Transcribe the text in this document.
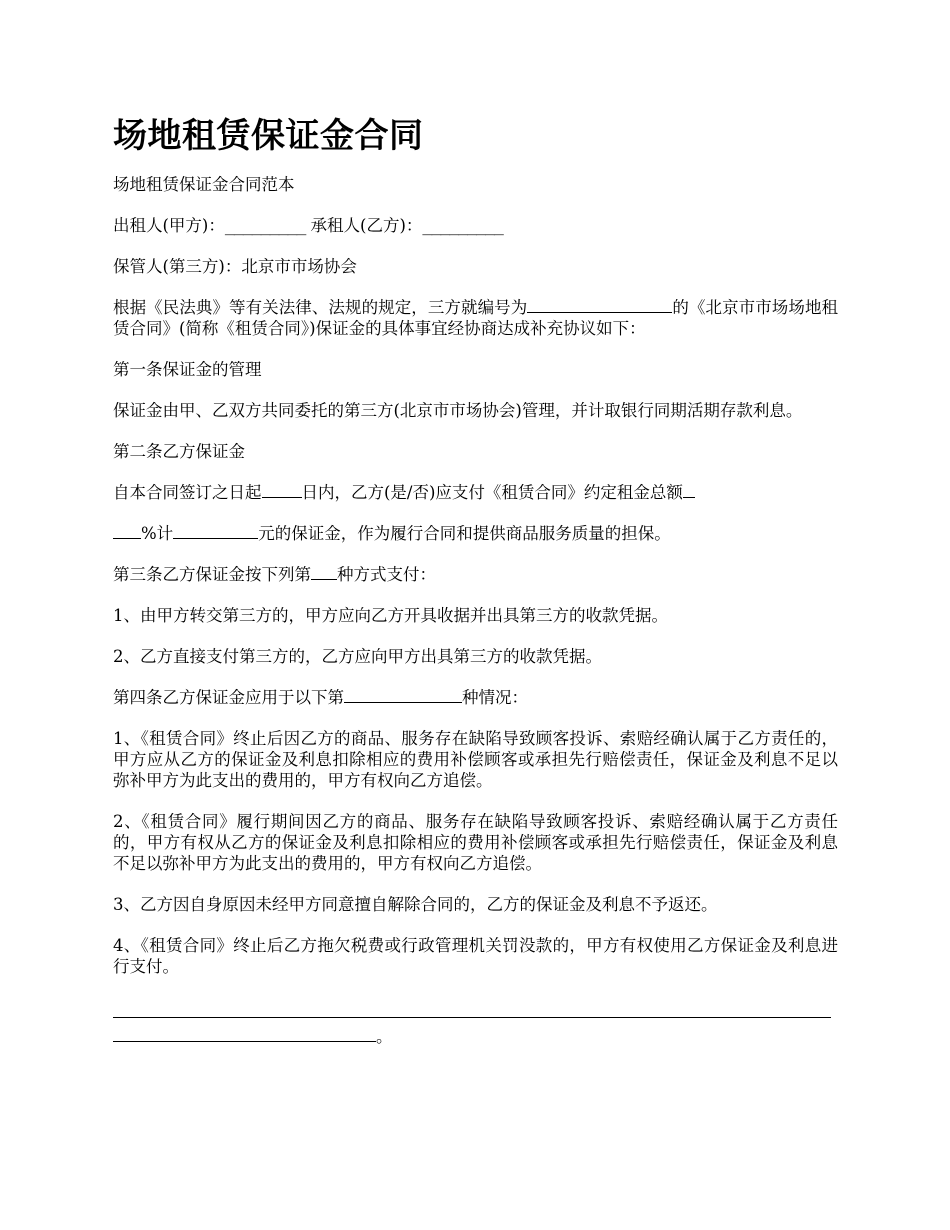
场地租赁保证金合同

场地租赁保证金合同范本

出租人(甲方)：_________ 承租人(乙方)：_________

保管人(第三方)：北京市市场协会

根据《民法典》等有关法律、法规的规定，三方就编号为	的《北京市市场场地租赁合同》(简称《租赁合同》)保证金的具体事宜经协商达成补充协议如下：

第一条保证金的管理

保证金由甲、乙双方共同委托的第三方(北京市市场协会)管理，并计取银行同期活期存款利息。

第二条乙方保证金

自本合同签订之日起 日内，乙方(是/否)应支付《租赁合同》约定租金总额

%计	元的保证金，作为履行合同和提供商品服务质量的担保。

第三条乙方保证金按下列第 种方式支付：

1、由甲方转交第三方的，甲方应向乙方开具收据并出具第三方的收款凭据。

2、乙方直接支付第三方的，乙方应向甲方出具第三方的收款凭据。

第四条乙方保证金应用于以下第	种情况：

1、《租赁合同》终止后因乙方的商品、服务存在缺陷导致顾客投诉、索赔经确认属于乙方责任的，甲方应从乙方的保证金及利息扣除相应的费用补偿顾客或承担先行赔偿责任，保证金及利息不足以弥补甲方为此支出的费用的，甲方有权向乙方追偿。

2、《租赁合同》履行期间因乙方的商品、服务存在缺陷导致顾客投诉、索赔经确认属于乙方责任的，甲方有权从乙方的保证金及利息扣除相应的费用补偿顾客或承担先行赔偿责任，保证金及利息不足以弥补甲方为此支出的费用的，甲方有权向乙方追偿。

3、乙方因自身原因未经甲方同意擅自解除合同的，乙方的保证金及利息不予返还。

4、《租赁合同》终止后乙方拖欠税费或行政管理机关罚没款的，甲方有权使用乙方保证金及利息进行支付。

。
